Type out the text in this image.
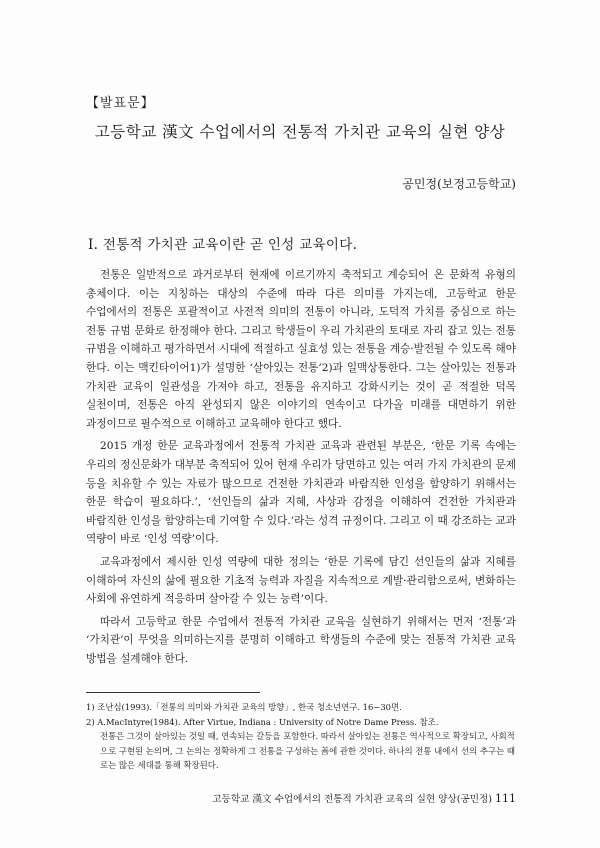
【발표문】
고등학교 漢文 수업에서의 전통적 가치관 교육의 실현 양상
공민정(보정고등학교)
Ⅰ. 전통적 가치관 교육이란 곧 인성 교육이다.

전통은 일반적으로 과거로부터 현재에 이르기까지 축적되고 계승되어 온 문화적 유형의 총체이다. 이는 지칭하는 대상의 수준에 따라 다른 의미를 가지는데, 고등학교 한문 수업에서의 전통은 포괄적이고 사전적 의미의 전통이 아니라, 도덕적 가치를 중심으로 하는 전통 규범 문화로 한정해야 한다. 그리고 학생들이 우리 가치관의 토대로 자리 잡고 있는 전통 규범을 이해하고 평가하면서 시대에 적절하고 실효성 있는 전통을 계승·발전될 수 있도록 해야 한다. 이는 맥킨타이어1)가 설명한 ‘살아있는 전통’2)과 일맥상통한다. 그는 살아있는 전통과 가치관 교육이 일관성을 가져야 하고, 전통을 유지하고 강화시키는 것이 곧 적절한 덕목 실천이며, 전통은 아직 완성되지 않은 이야기의 연속이고 다가올 미래를 대면하기 위한 과정이므로 필수적으로 이해하고 교육해야 한다고 했다.

2015 개정 한문 교육과정에서 전통적 가치관 교육과 관련된 부분은, ‘한문 기록 속에는 우리의 정신문화가 대부분 축적되어 있어 현재 우리가 당면하고 있는 여러 가지 가치관의 문제 등을 치유할 수 있는 자료가 많으므로 건전한 가치관과 바람직한 인성을 함양하기 위해서는 한문 학습이 필요하다.’, ‘선인들의 삶과 지혜, 사상과 감정을 이해하여 건전한 가치관과 바람직한 인성을 함양하는데 기여할 수 있다.’라는 성격 규정이다. 그리고 이 때 강조하는 교과 역량이 바로 ‘인성 역량’이다.

교육과정에서 제시한 인성 역량에 대한 정의는 ‘한문 기록에 담긴 선인들의 삶과 지혜를 이해하여 자신의 삶에 필요한 기초적 능력과 자질을 지속적으로 계발·관리함으로써, 변화하는 사회에 유연하게 적응하며 살아갈 수 있는 능력’이다.

따라서 고등학교 한문 수업에서 전통적 가치관 교육을 실현하기 위해서는 먼저 ‘전통’과 ‘가치관’이 무엇을 의미하는지를 분명히 이해하고 학생들의 수준에 맞는 전통적 가치관 교육 방법을 설계해야 한다.

1) 조난심(1993).「전통의 의미와 가치관 교육의 방향」, 한국 청소년연구. 16~30면.

2) A.MacIntyre(1984). After Virtue, Indiana : University of Notre Dame Press. 참조.

전통은 그것이 살아있는 것일 때, 연속되는 갈등을 포함한다. 따라서 살아있는 전통은 역사적으로 확장되고, 사회적으로 구현된 논의며, 그 논의는 정확하게 그 전통을 구성하는 善에 관한 것이다. 하나의 전통 내에서 선의 추구는 때로는 많은 세대를 통해 확장된다.

고등학교 漢文 수업에서의 전통적 가치관 교육의 실현 양상(공민정) 111
